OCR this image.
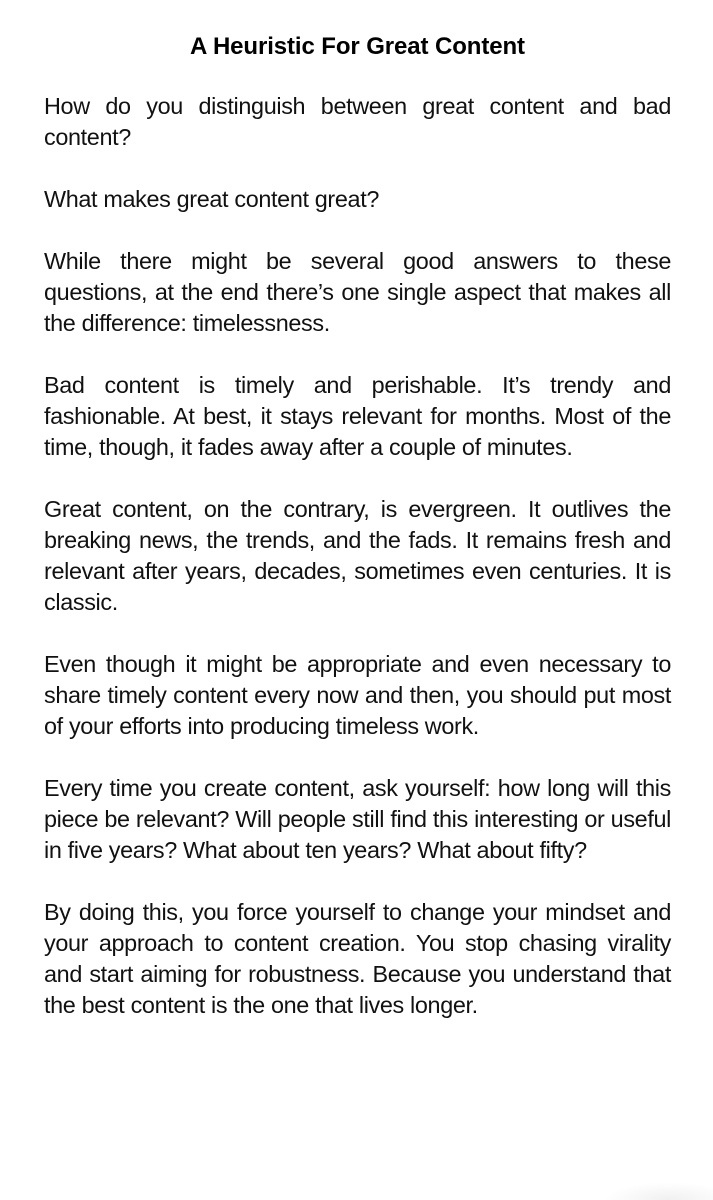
A Heuristic For Great Content

How do you distinguish between great content and bad content?

What makes great content great?

While there might be several good answers to these questions, at the end there’s one single aspect that makes all the difference: timelessness.

Bad content is timely and perishable. It’s trendy and fashionable. At best, it stays relevant for months. Most of the time, though, it fades away after a couple of minutes.

Great content, on the contrary, is evergreen. It outlives the breaking news, the trends, and the fads. It remains fresh and relevant after years, decades, sometimes even centuries. It is classic.

Even though it might be appropriate and even necessary to share timely content every now and then, you should put most of your efforts into producing timeless work.

Every time you create content, ask yourself: how long will this piece be relevant? Will people still find this interesting or useful in five years? What about ten years? What about fifty?

By doing this, you force yourself to change your mindset and your approach to content creation. You stop chasing virality and start aiming for robustness. Because you understand that the best content is the one that lives longer.
